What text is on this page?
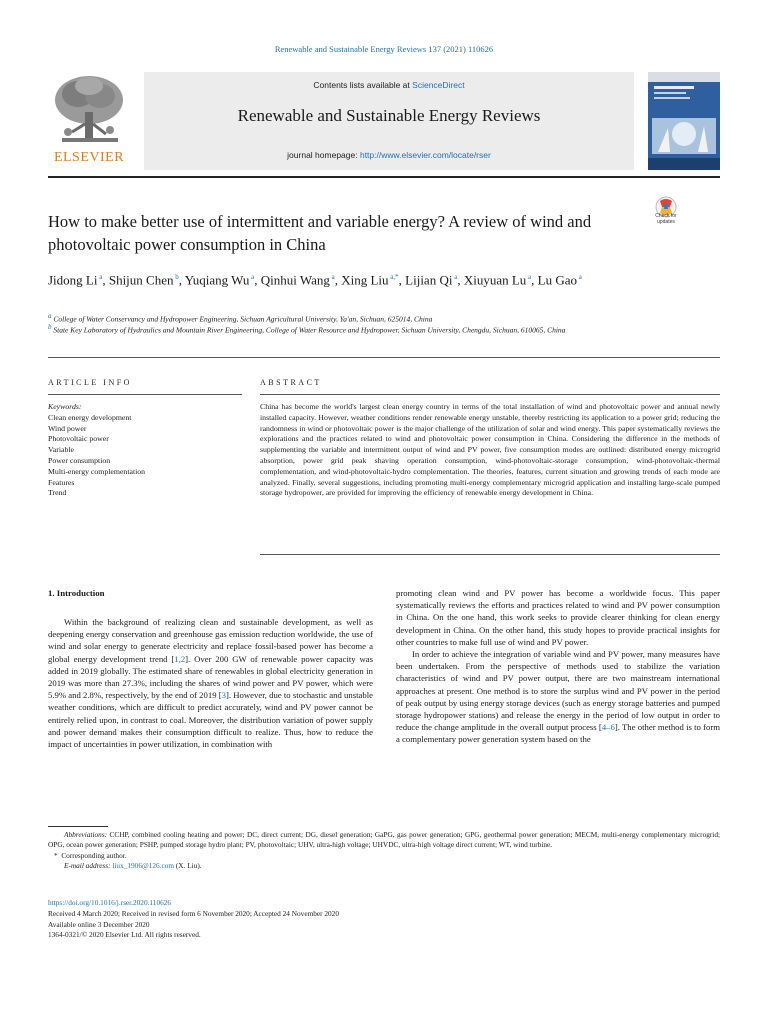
Renewable and Sustainable Energy Reviews 137 (2021) 110626
ELSEVIER
Contents lists available at ScienceDirect
Renewable and Sustainable Energy Reviews
journal homepage: http://www.elsevier.com/locate/rser
How to make better use of intermittent and variable energy? A review of wind and photovoltaic power consumption in China
Check for updates
Jidong Li $^a$, Shijun Chen $^b$, Yuqiang Wu $^a$, Qinhui Wang $^a$, Xing Liu $^{a,*}$, Lijian Qi $^a$, Xiuyuan Lu $^a$, Lu Gao $^a$
$^a$ College of Water Conservancy and Hydropower Engineering, Sichuan Agricultural University, Ya'an, Sichuan, 625014, China
$^b$ State Key Laboratory of Hydraulics and Mountain River Engineering, College of Water Resource and Hydropower, Sichuan University, Chengdu, Sichuan, 610065, China
ARTICLE INFO
Keywords:
Clean energy development
Wind power
Photovoltaic power
Variable
Power consumption
Multi-energy complementation
Features
Trend
ABSTRACT
China has become the world's largest clean energy country in terms of the total installation of wind and photovoltaic power and annual newly installed capacity. However, weather conditions render renewable energy unstable, thereby restricting its application to a power grid; reducing the randomness in wind or photovoltaic power is the major challenge of the utilization of solar and wind energy. This paper systematically reviews the explorations and the practices related to wind and photovoltaic power consumption in China. Considering the difference in the methods of supplementing the variable and intermittent output of wind and PV power, five consumption modes are outlined: distributed energy microgrid absorption, power grid peak shaving operation consumption, wind-photovoltaic-storage consumption, wind-photovoltaic-thermal complementation, and wind-photovoltaic-hydro complementation. The theories, features, current situation and growing trends of each mode are analyzed. Finally, several suggestions, including promoting multi-energy complementary microgrid application and installing large-scale pumped storage hydropower, are provided for improving the efficiency of renewable energy development in China.
1. Introduction

Within the background of realizing clean and sustainable development, as well as deepening energy conservation and greenhouse gas emission reduction worldwide, the use of wind and solar energy to generate electricity and replace fossil-based power has become a global energy development trend [1,2]. Over 200 GW of renewable power capacity was added in 2019 globally. The estimated share of renewables in global electricity generation in 2019 was more than 27.3%, including the shares of wind power and PV power, which were 5.9% and 2.8%, respectively, by the end of 2019 [3]. However, due to stochastic and unstable weather conditions, which are difficult to predict accurately, wind and PV power cannot be entirely relied upon, in contrast to coal. Moreover, the distribution variation of power supply and power demand makes their consumption difficult to realize. Thus, how to reduce the impact of uncertainties in power utilization, in combination with

promoting clean wind and PV power has become a worldwide focus. This paper systematically reviews the efforts and practices related to wind and PV power consumption in China. On the one hand, this work seeks to provide clearer thinking for clean energy development in China. On the other hand, this study hopes to provide practical insights for other countries to make full use of wind and PV power.

In order to achieve the integration of variable wind and PV power, many measures have been undertaken. From the perspective of methods used to stabilize the variation characteristics of wind and PV power output, there are two mainstream international approaches at present. One method is to store the surplus wind and PV power in the period of peak output by using energy storage devices (such as energy storage batteries and pumped storage hydropower stations) and release the energy in the period of low output in order to reduce the change amplitude in the overall output process [4–6]. The other method is to form a complementary power generation system based on the

Abbreviations: CCHP, combined cooling heating and power; DC, direct current; DG, diesel generation; GaPG, gas power generation; GPG, geothermal power generation; MECM, multi-energy complementary microgrid; OPG, ocean power generation; PSHP, pumped storage hydro plant; PV, photovoltaic; UHV, ultra-high voltage; UHVDC, ultra-high voltage direct current; WT, wind turbine.
* Corresponding author.
E-mail address: liux_1906@126.com (X. Liu).
https://doi.org/10.1016/j.rser.2020.110626
Received 4 March 2020; Received in revised form 6 November 2020; Accepted 24 November 2020
Available online 3 December 2020
1364-0321/© 2020 Elsevier Ltd. All rights reserved.
